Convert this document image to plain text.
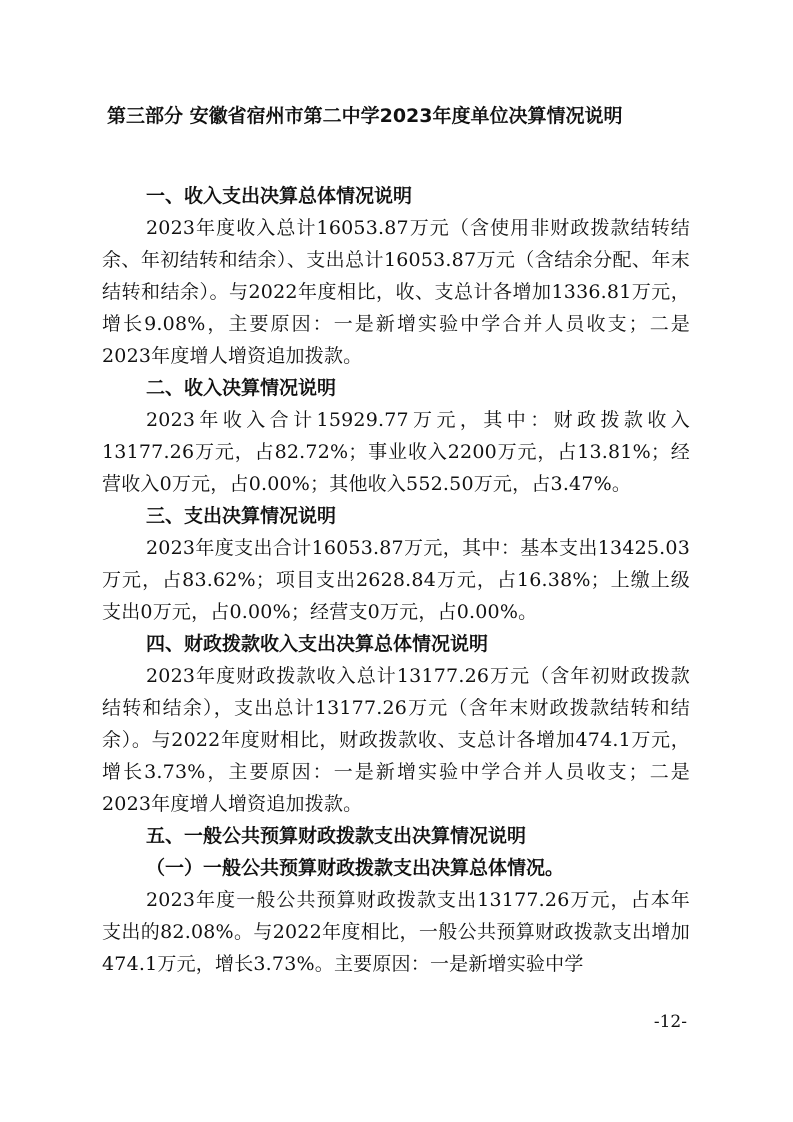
第三部分 安徽省宿州市第二中学2023年度单位决算情况说明
一、收入支出决算总体情况说明

2023年度收入总计16053.87万元（含使用非财政拨款结转结余、年初结转和结余）、支出总计16053.87万元（含结余分配、年末结转和结余）。与2022年度相比，收、支总计各增加1336.81万元，增长9.08%，主要原因：一是新增实验中学合并人员收支；二是2023年度增人增资追加拨款。

二、收入决算情况说明

2023年收入合计15929.77万元，其中：财政拨款收入13177.26万元，占82.72%；事业收入2200万元，占13.81%；经营收入0万元，占0.00%；其他收入552.50万元，占3.47%。

三、支出决算情况说明

2023年度支出合计16053.87万元，其中：基本支出13425.03万元，占83.62%；项目支出2628.84万元，占16.38%；上缴上级支出0万元，占0.00%；经营支0万元，占0.00%。

四、财政拨款收入支出决算总体情况说明

2023年度财政拨款收入总计13177.26万元（含年初财政拨款结转和结余），支出总计13177.26万元（含年末财政拨款结转和结余）。与2022年度财相比，财政拨款收、支总计各增加474.1万元，增长3.73%，主要原因：一是新增实验中学合并人员收支；二是2023年度增人增资追加拨款。

五、一般公共预算财政拨款支出决算情况说明
（一）一般公共预算财政拨款支出决算总体情况。

2023年度一般公共预算财政拨款支出13177.26万元，占本年支出的82.08%。与2022年度相比，一般公共预算财政拨款支出增加474.1万元，增长3.73%。主要原因：一是新增实验中学

-12-
